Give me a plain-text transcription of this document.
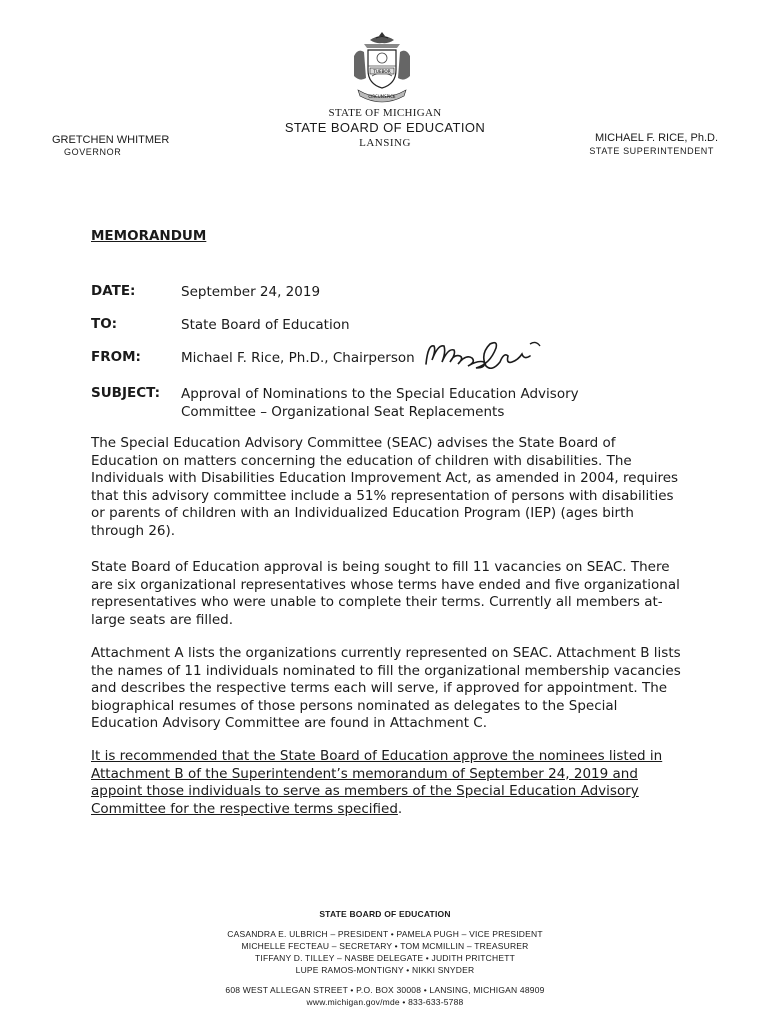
TUEBOR
CIRCUMSPICE
STATE OF MICHIGAN
STATE BOARD OF EDUCATION
LANSING
GRETCHEN WHITMER
GOVERNOR
MICHAEL F. RICE, Ph.D.
STATE SUPERINTENDENT
MEMORANDUM
DATE:	September 24, 2019
TO:	State Board of Education
FROM:	Michael F. Rice, Ph.D., Chairperson
SUBJECT: Approval of Nominations to the Special Education Advisory
Committee – Organizational Seat Replacements

The Special Education Advisory Committee (SEAC) advises the State Board of Education on matters concerning the education of children with disabilities. The Individuals with Disabilities Education Improvement Act, as amended in 2004, requires that this advisory committee include a 51% representation of persons with disabilities or parents of children with an Individualized Education Program (IEP) (ages birth through 26).

State Board of Education approval is being sought to fill 11 vacancies on SEAC. There are six organizational representatives whose terms have ended and five organizational representatives who were unable to complete their terms. Currently all members at-large seats are filled.

Attachment A lists the organizations currently represented on SEAC. Attachment B lists the names of 11 individuals nominated to fill the organizational membership vacancies and describes the respective terms each will serve, if approved for appointment. The biographical resumes of those persons nominated as delegates to the Special Education Advisory Committee are found in Attachment C.

It is recommended that the State Board of Education approve the nominees listed in Attachment B of the Superintendent’s memorandum of September 24, 2019 and appoint those individuals to serve as members of the Special Education Advisory Committee for the respective terms specified.

STATE BOARD OF EDUCATION
CASANDRA E. ULBRICH – PRESIDENT • PAMELA PUGH – VICE PRESIDENT
MICHELLE FECTEAU – SECRETARY • TOM MCMILLIN – TREASURER
TIFFANY D. TILLEY – NASBE DELEGATE • JUDITH PRITCHETT
LUPE RAMOS-MONTIGNY • NIKKI SNYDER
608 WEST ALLEGAN STREET • P.O. BOX 30008 • LANSING, MICHIGAN 48909
www.michigan.gov/mde • 833-633-5788
